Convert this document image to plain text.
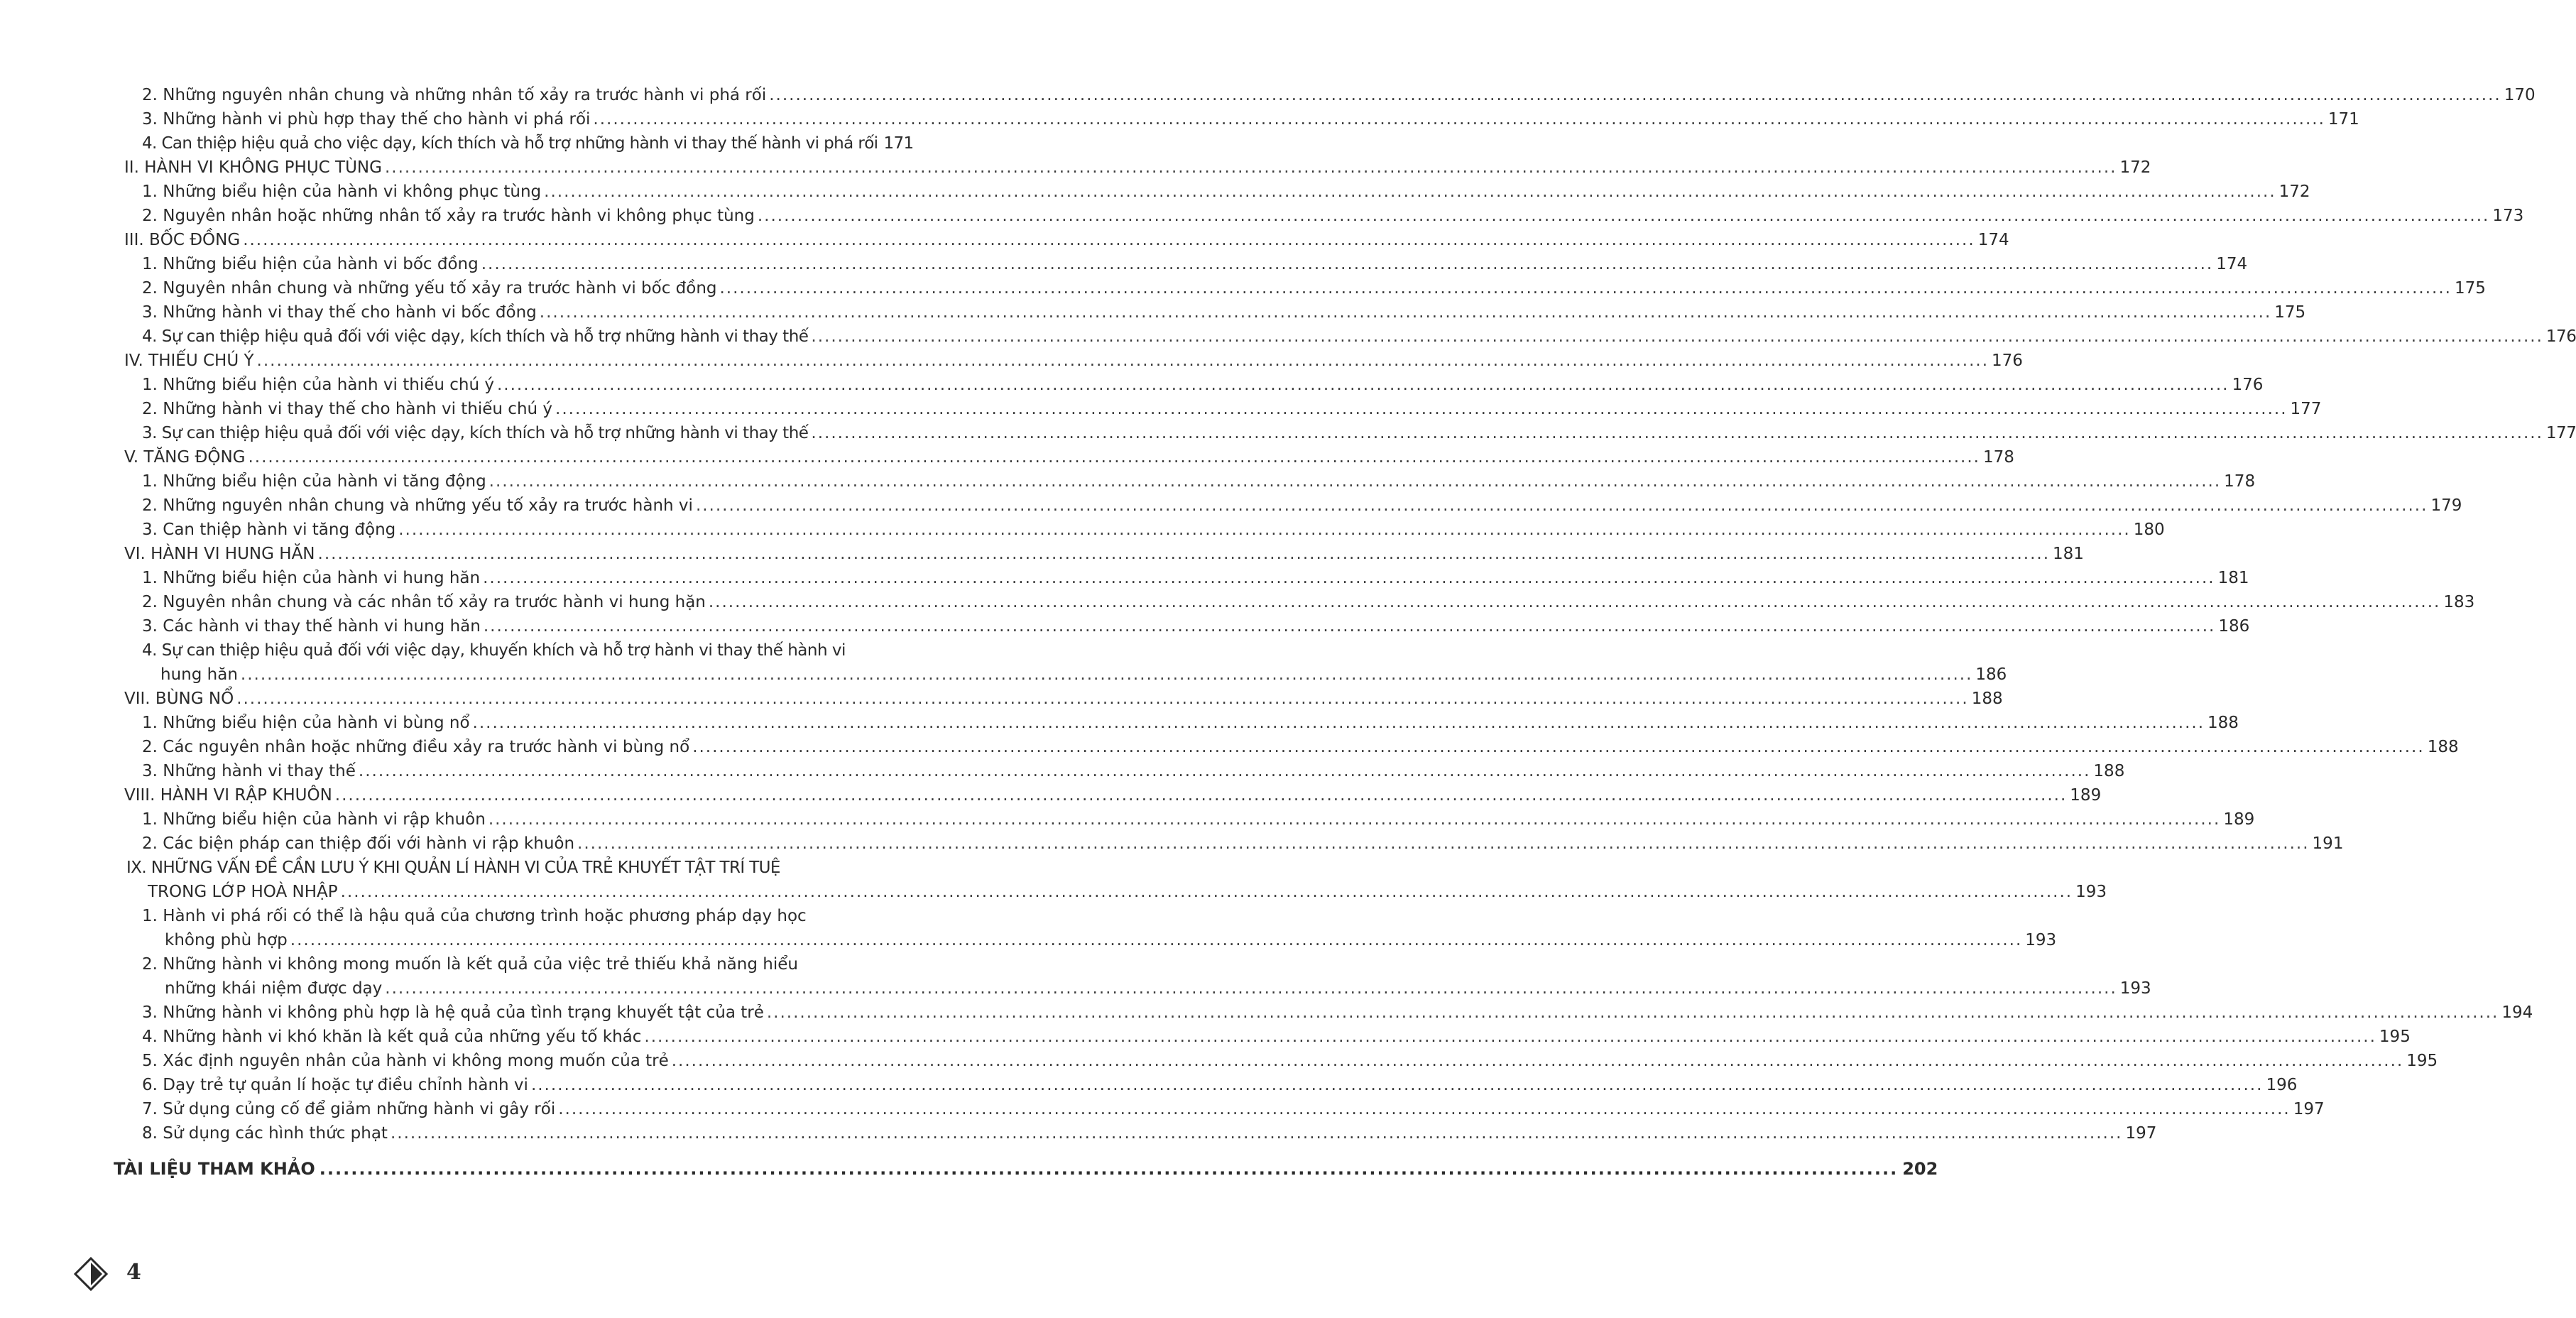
2. Những nguyên nhân chung và những nhân tố xảy ra trước hành vi phá rối .....	170
3. Những hành vi phù hợp thay thế cho hành vi phá rối .....	171
4. Can thiệp hiệu quả cho việc dạy, kích thích và hỗ trợ những hành vi thay thế hành vi phá rối 171
II. HÀNH VI KHÔNG PHỤC TÙNG .....	172
1. Những biểu hiện của hành vi không phục tùng .....	172
2. Nguyên nhân hoặc những nhân tố xảy ra trước hành vi không phục tùng .....	173
III. BỐC ĐỒNG .....	174
1. Những biểu hiện của hành vi bốc đồng .....	174
2. Nguyên nhân chung và những yếu tố xảy ra trước hành vi bốc đồng .....	175
3. Những hành vi thay thế cho hành vi bốc đồng .....	175
4. Sự can thiệp hiệu quả đối với việc dạy, kích thích và hỗ trợ những hành vi thay thế .....	176
IV. THIẾU CHÚ Ý .....	176
1. Những biểu hiện của hành vi thiếu chú ý .....	176
2. Những hành vi thay thế cho hành vi thiếu chú ý .....	177
3. Sự can thiệp hiệu quả đối với việc dạy, kích thích và hỗ trợ những hành vi thay thế .....	177
V. TĂNG ĐỘNG .....	178
1. Những biểu hiện của hành vi tăng động .....	178
2. Những nguyên nhân chung và những yếu tố xảy ra trước hành vi .....	179
3. Can thiệp hành vi tăng động .....	180
VI. HÀNH VI HUNG HĂN .....	181
1. Những biểu hiện của hành vi hung hăn .....	181
2. Nguyên nhân chung và các nhân tố xảy ra trước hành vi hung hặn .....	183
3. Các hành vi thay thế hành vi hung hăn .....	186
4. Sự can thiệp hiệu quả đối với việc dạy, khuyến khích và hỗ trợ hành vi thay thế hành vi
hung hăn .....	186
VII. BÙNG NỔ .....	188
1. Những biểu hiện của hành vi bùng nổ .....	188
2. Các nguyên nhân hoặc những điều xảy ra trước hành vi bùng nổ .....	188
3. Những hành vi thay thế .....	188
VIII. HÀNH VI RẬP KHUÔN .....	189
1. Những biểu hiện của hành vi rập khuôn .....	189
2. Các biện pháp can thiệp đối với hành vi rập khuôn .....	191
IX. NHỮNG VẤN ĐỀ CẦN LƯU Ý KHI QUẢN LÍ HÀNH VI CỦA TRẺ KHUYẾT TẬT TRÍ TUỆ
TRONG LỚP HOÀ NHẬP .....	193
1. Hành vi phá rối có thể là hậu quả của chương trình hoặc phương pháp dạy học
không phù hợp .....	193
2. Những hành vi không mong muốn là kết quả của việc trẻ thiếu khả năng hiểu
những khái niệm được dạy .....	193
3. Những hành vi không phù hợp là hệ quả của tình trạng khuyết tật của trẻ .....	194
4. Những hành vi khó khăn là kết quả của những yếu tố khác .....	195
5. Xác định nguyên nhân của hành vi không mong muốn của trẻ .....	195
6. Dạy trẻ tự quản lí hoặc tự điều chỉnh hành vi .....	196
7. Sử dụng củng cố để giảm những hành vi gây rối .....	197
8. Sử dụng các hình thức phạt .....	197
TÀI LIỆU THAM KHẢO .....	202
4
